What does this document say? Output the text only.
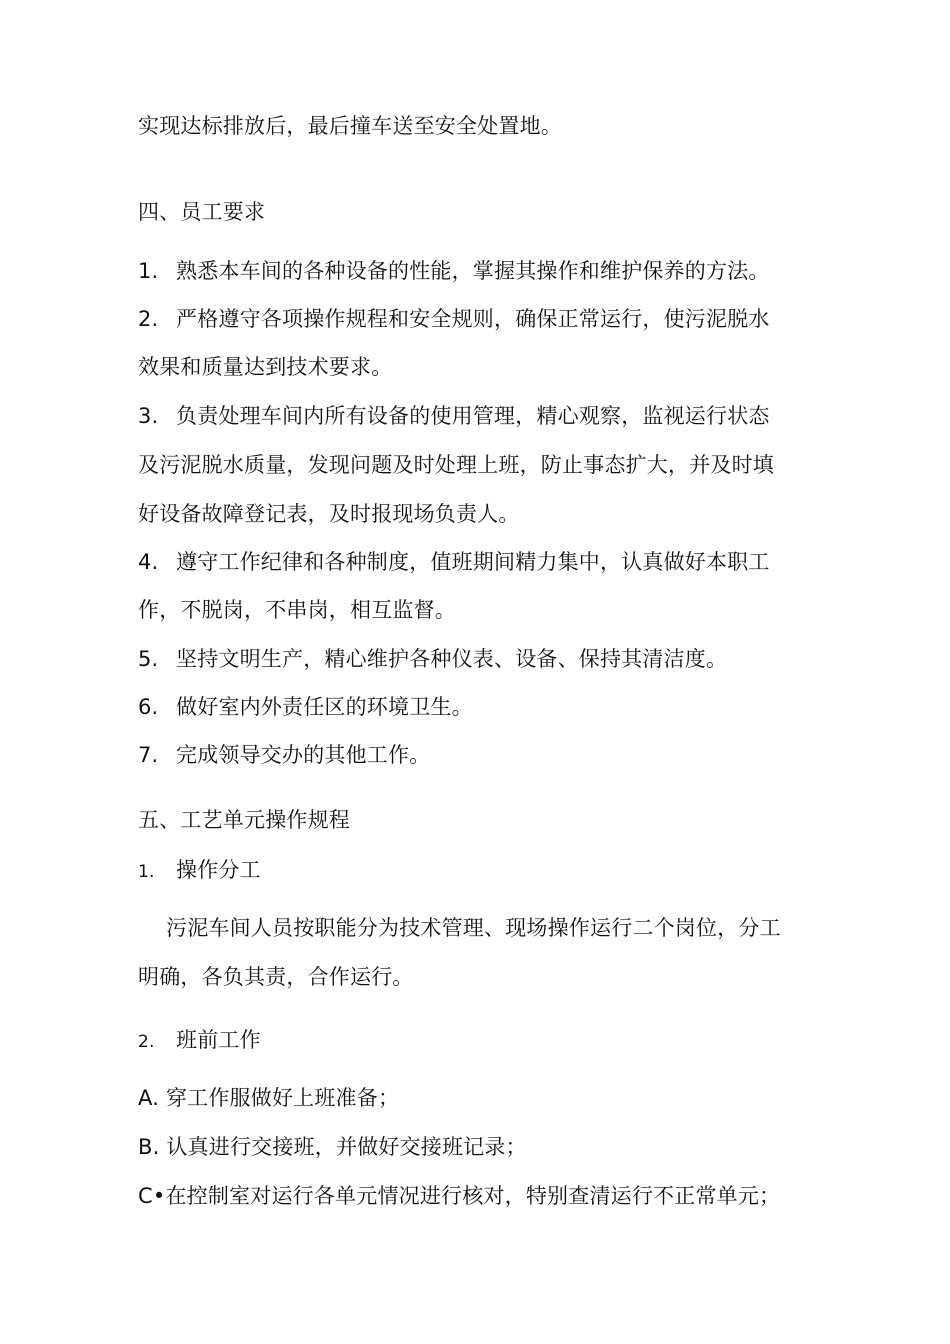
实现达标排放后，最后撞车送至安全处置地。
四、员工要求
1. 熟悉本车间的各种设备的性能，掌握其操作和维护保养的方法。
2. 严格遵守各项操作规程和安全规则，确保正常运行，使污泥脱水
效果和质量达到技术要求。
3. 负责处理车间内所有设备的使用管理，精心观察，监视运行状态
及污泥脱水质量，发现问题及时处理上班，防止事态扩大，并及时填
好设备故障登记表，及时报现场负责人。
4. 遵守工作纪律和各种制度，值班期间精力集中，认真做好本职工
作，不脱岗，不串岗，相互监督。
5. 坚持文明生产，精心维护各种仪表、设备、保持其清洁度。
6. 做好室内外责任区的环境卫生。
7. 完成领导交办的其他工作。
五、工艺单元操作规程
1. 操作分工
污泥车间人员按职能分为技术管理、现场操作运行二个岗位，分工
明确，各负其责，合作运行。
2. 班前工作
A. 穿工作服做好上班准备；
B. 认真进行交接班，并做好交接班记录；
C•在控制室对运行各单元情况进行核对，特别查清运行不正常单元；
